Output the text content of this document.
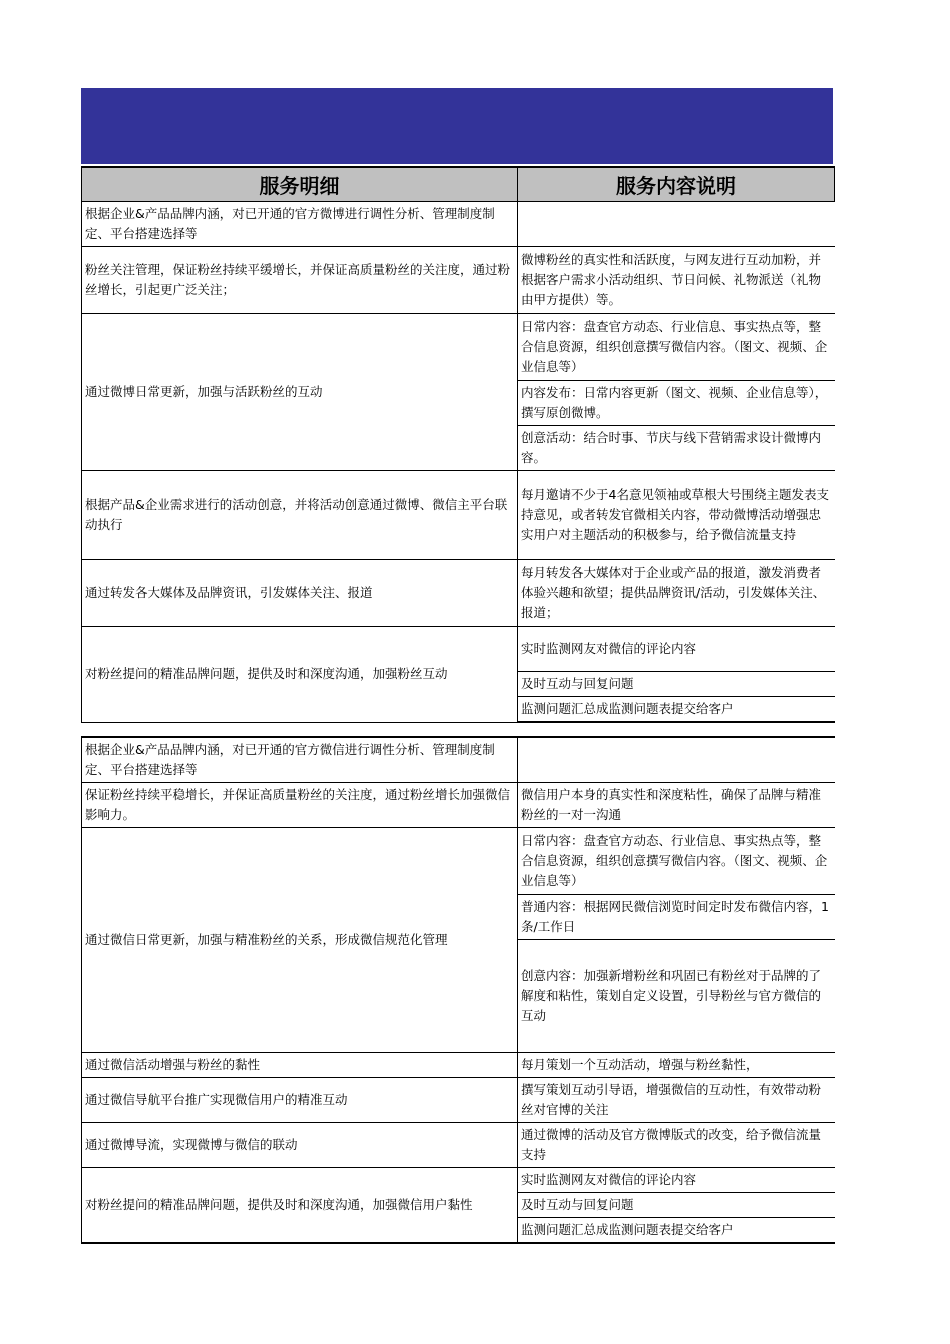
服务明细	服务内容说明
根据企业&产品品牌内涵，对已开通的官方微博进行调性分析、管理制度制定、平台搭建选择等	
粉丝关注管理，保证粉丝持续平缓增长，并保证高质量粉丝的关注度，通过粉丝增长，引起更广泛关注；	微博粉丝的真实性和活跃度，与网友进行互动加粉，并根据客户需求小活动组织、节日问候、礼物派送（礼物由甲方提供）等。
通过微博日常更新，加强与活跃粉丝的互动	日常内容：盘查官方动态、行业信息、事实热点等，整合信息资源，组织创意撰写微信内容。（图文、视频、企业信息等）
	内容发布：日常内容更新（图文、视频、企业信息等），撰写原创微博。
	创意活动：结合时事、节庆与线下营销需求设计微博内容。
根据产品&企业需求进行的活动创意，并将活动创意通过微博、微信主平台联动执行	每月邀请不少于4名意见领袖或草根大号围绕主题发表支持意见，或者转发官微相关内容，带动微博活动增强忠实用户对主题活动的积极参与，给予微信流量支持
通过转发各大媒体及品牌资讯，引发媒体关注、报道	每月转发各大媒体对于企业或产品的报道，激发消费者体验兴趣和欲望；提供品牌资讯/活动，引发媒体关注、报道；
对粉丝提问的精准品牌问题，提供及时和深度沟通，加强粉丝互动	实时监测网友对微信的评论内容
	及时互动与回复问题
	监测问题汇总成监测问题表提交给客户
根据企业&产品品牌内涵，对已开通的官方微信进行调性分析、管理制度制定、平台搭建选择等	
保证粉丝持续平稳增长，并保证高质量粉丝的关注度，通过粉丝增长加强微信影响力。	微信用户本身的真实性和深度粘性，确保了品牌与精准粉丝的一对一沟通
通过微信日常更新，加强与精准粉丝的关系，形成微信规范化管理	日常内容：盘查官方动态、行业信息、事实热点等，整合信息资源，组织创意撰写微信内容。（图文、视频、企业信息等）
	普通内容：根据网民微信浏览时间定时发布微信内容，1条/工作日
	创意内容：加强新增粉丝和巩固已有粉丝对于品牌的了解度和粘性，策划自定义设置，引导粉丝与官方微信的互动
通过微信活动增强与粉丝的黏性	每月策划一个互动活动，增强与粉丝黏性，
通过微信导航平台推广实现微信用户的精准互动	撰写策划互动引导语，增强微信的互动性，有效带动粉丝对官博的关注
通过微博导流，实现微博与微信的联动	通过微博的活动及官方微博版式的改变，给予微信流量支持
对粉丝提问的精准品牌问题，提供及时和深度沟通，加强微信用户黏性	实时监测网友对微信的评论内容
	及时互动与回复问题
	监测问题汇总成监测问题表提交给客户
